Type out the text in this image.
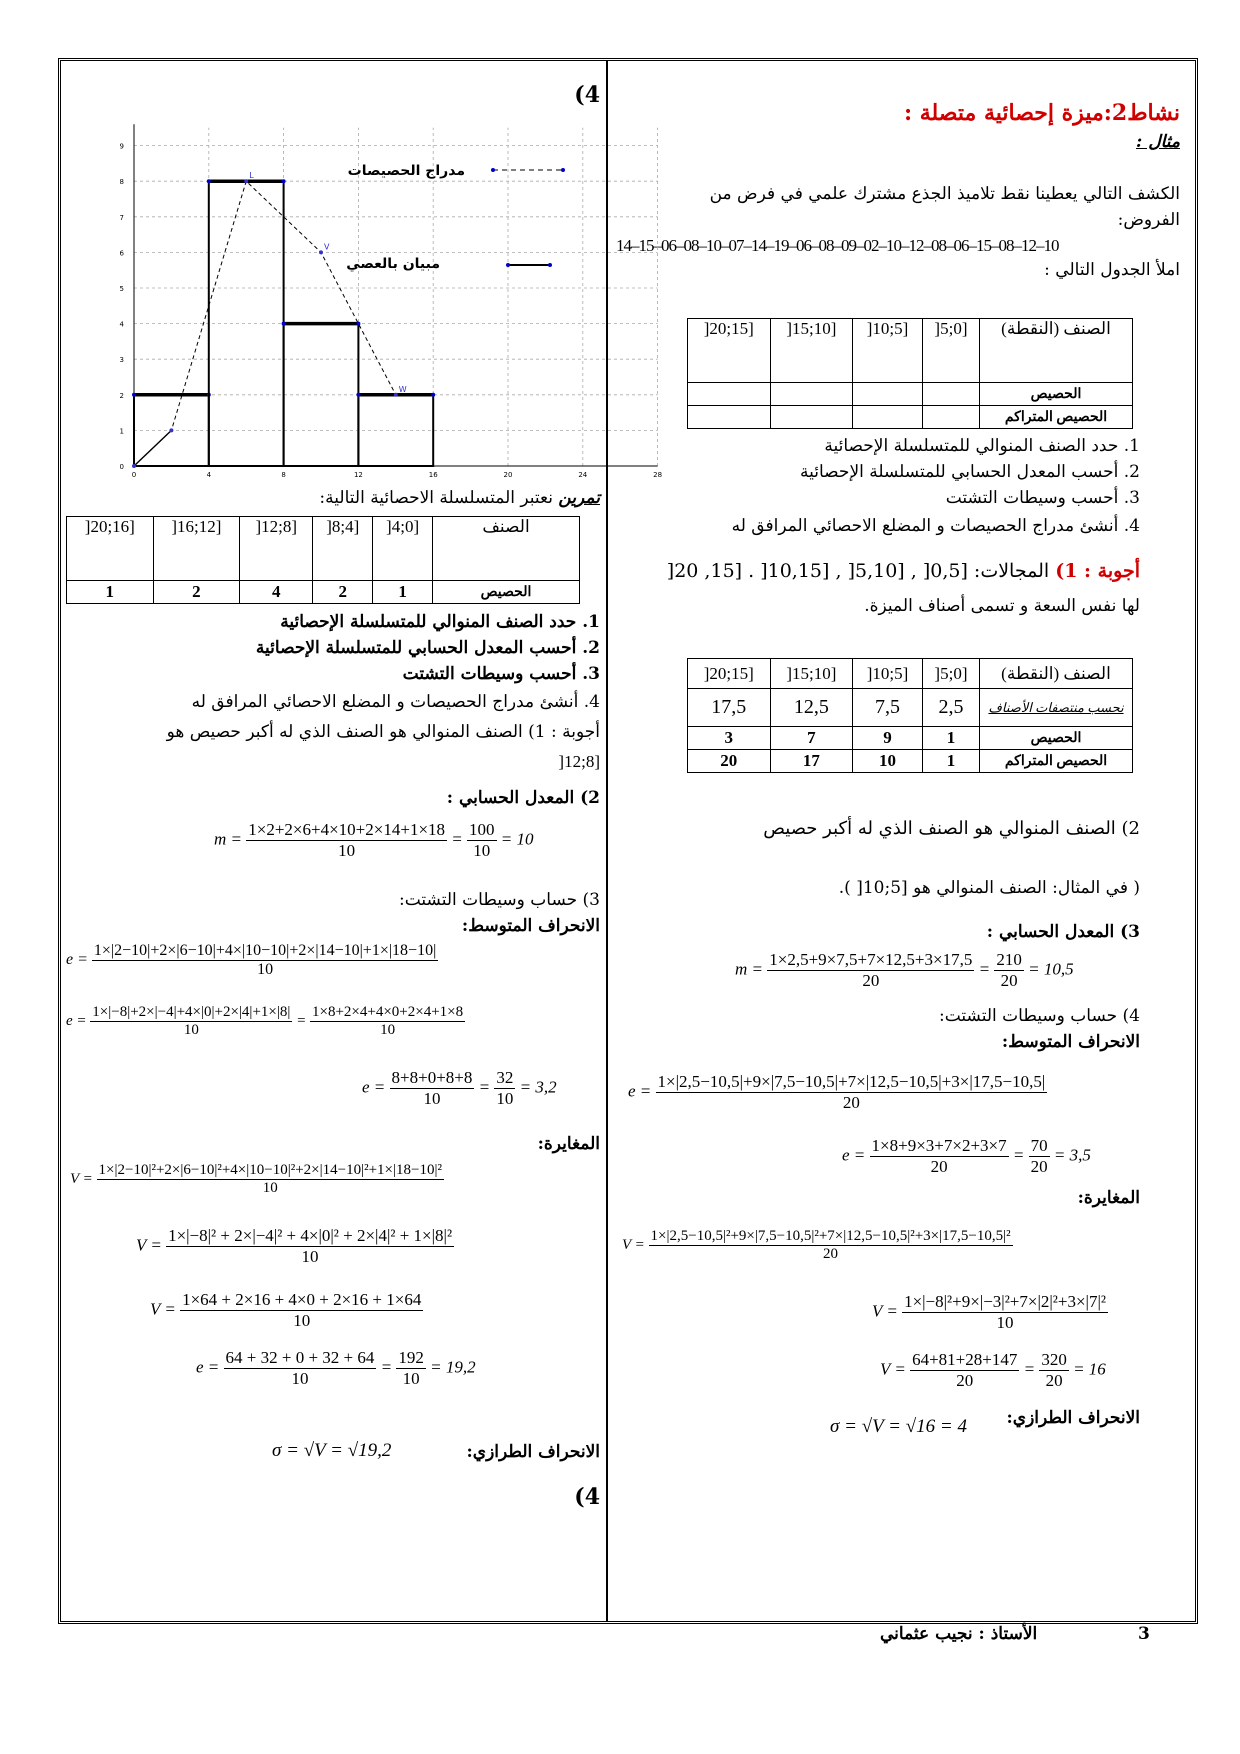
نشاط2:ميزة إحصائية متصلة :
مثال :
الكشف التالي يعطينا نقط تلاميذ الجذع مشترك علمي في فرض من
الفروض:
14–15–06–08–10–07–14–19–06–08–09–02–10–12–08–06–15–08–12–10
املأ الجدول التالي :
الصنف (النقطة)	[0;5[	[5;10[	[10;15[	[15;20[
الحصيص				
الحصيص المتراكم				
1. حدد الصنف المنوالي للمتسلسلة الإحصائية
2. أحسب المعدل الحسابي للمتسلسلة الإحصائية
3. أحسب وسيطات التشتت
4. أنشئ مدراج الحصيصات و المضلع الاحصائي المرافق له
أجوبة : 1) المجالات: [0,5[ , [5,10[ , [10,15[ . [15, 20[
لها نفس السعة و تسمى أصناف الميزة.
الصنف (النقطة)	[0;5[	[5;10[	[10;15[	[15;20[
نحسب منتصفات الأصناف	2,5	7,5	12,5	17,5
الحصيص	1	9	7	3
الحصيص المتراكم	1	10	17	20
2) الصنف المنوالي هو الصنف الذي له أكبر حصيص
( في المثال: الصنف المنوالي هو [5;10[ ).
3) المعدل الحسابي :
4) حساب وسيطات التشتت:
الانحراف المتوسط:
المغايرة:
الانحراف الطرازي:
$m = \frac{1\times 2,5+9\times 7,5+7\times 12,5+3\times 17,5}{20} = \frac{210}{20} = 10,5$
$e = \frac{1\times|2,5-10,5|+9\times|7,5-10,5|+7\times|12,5-10,5|+3\times|17,5-10,5|}{20}$
$e = \frac{1\times 8+9\times 3+7\times 2+3\times 7}{20} = \frac{70}{20} = 3,5$
$V = \frac{\text{1×|2,5−10,5|²+9×|7,5−10,5|²+7×|12,5−10,5|²+3×|17,5−10,5|²}}{20}$
$V = \frac{\text{1×|−8|²+9×|−3|²+7×|2|²+3×|7|²}}{10}$
$V = \frac{64+81+28+147}{20} = \frac{320}{20} = 16$
σ = √V = √16 = 4
4)
0	4	8	12	16	20	24	28
0
1
2
3
4
5
6
7
8
9
L
V
W
مدراج الحصيصات
مبيان بالعصي
تمرين نعتبر المتسلسلة الاحصائية التالية:
الصنف	[0;4[	[4;8[	[8;12[	[12;16[	[16;20[
الحصيص	1	2	4	2	1
1. حدد الصنف المنوالي للمتسلسلة الإحصائية
2. أحسب المعدل الحسابي للمتسلسلة الإحصائية
3. أحسب وسيطات التشتت
4. أنشئ مدراج الحصيصات و المضلع الاحصائي المرافق له
أجوبة : 1) الصنف المنوالي هو الصنف الذي له أكبر حصيص هو
[8;12[
2) المعدل الحسابي :
3) حساب وسيطات التشتت:
الانحراف المتوسط:
$m = \frac{1\times 2+2\times 6+4\times 10+2\times 14+1\times 18}{10} = \frac{100}{10} = 10$
$e = \frac{1\times|2-10|+2\times|6-10|+4\times|10-10|+2\times|14-10|+1\times|18-10|}{10}$
$e = \frac{1\times|-8|+2\times|-4|+4\times|0|+2\times|4|+1\times|8|}{10} = \frac{1\times 8+2\times 4+4\times 0+2\times 4+1\times 8}{10}$
$e = \frac{8+8+0+8+8}{10} = \frac{32}{10} = 3,2$
المغايرة:
$V = \frac{\text{1×|2−10|²+2×|6−10|²+4×|10−10|²+2×|14−10|²+1×|18−10|²}}{10}$
$V = \frac{\text{1×|−8|² + 2×|−4|² + 4×|0|² + 2×|4|² + 1×|8|²}}{10}$
$V = \frac{1\times 64 + 2\times 16 + 4\times 0 + 2\times 16 + 1\times 64}{10}$
$e = \frac{64 + 32 + 0 + 32 + 64}{10} = \frac{192}{10} = 19,2$
الانحراف الطرازي:
4)
σ = √V = √19,2
الأستاذ : نجيب عثماني	3
